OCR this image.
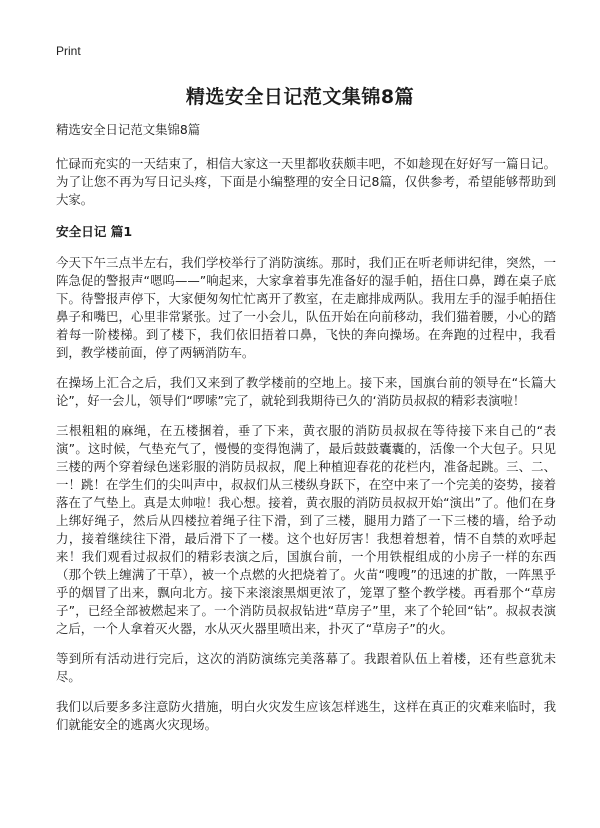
Print
精选安全日记范文集锦8篇

精选安全日记范文集锦8篇

忙碌而充实的一天结束了，相信大家这一天里都收获颇丰吧，不如趁现在好好写一篇日记。为了让您不再为写日记头疼，下面是小编整理的安全日记8篇，仅供参考，希望能够帮助到大家。

安全日记 篇1

今天下午三点半左右，我们学校举行了消防演练。那时，我们正在听老师讲纪律，突然，一阵急促的警报声“嗯呜——”响起来，大家拿着事先准备好的湿手帕，捂住口鼻，蹲在桌子底下。待警报声停下，大家便匆匆忙忙离开了教室，在走廊排成两队。我用左手的湿手帕捂住鼻子和嘴巴，心里非常紧张。过了一小会儿，队伍开始在向前移动，我们猫着腰，小心的踏着每一阶楼梯。到了楼下，我们依旧捂着口鼻，飞快的奔向操场。在奔跑的过程中，我看到，教学楼前面，停了两辆消防车。

在操场上汇合之后，我们又来到了教学楼前的空地上。接下来，国旗台前的领导在“长篇大论”，好一会儿，领导们“啰嗦”完了，就轮到我期待已久的‘消防员叔叔的精彩表演啦！

三根粗粗的麻绳，在五楼捆着，垂了下来，黄衣服的消防员叔叔在等待接下来自己的“表演”。这时候，气垫充气了，慢慢的变得饱满了，最后鼓鼓囊囊的，活像一个大包子。只见三楼的两个穿着绿色迷彩服的消防员叔叔，爬上种植迎春花的花栏内，准备起跳。三、二、一！跳！在学生们的尖叫声中，叔叔们从三楼纵身跃下，在空中来了一个完美的姿势，接着落在了气垫上。真是太帅啦！我心想。接着，黄衣服的消防员叔叔开始“演出”了。他们在身上绑好绳子，然后从四楼拉着绳子往下滑，到了三楼，腿用力踏了一下三楼的墙，给予动力，接着继续往下滑，最后滑下了一楼。这个也好厉害！我想着想着，情不自禁的欢呼起来！我们观看过叔叔们的精彩表演之后，国旗台前，一个用铁棍组成的小房子一样的东西（那个铁上缠满了干草），被一个点燃的火把烧着了。火苗“嗖嗖”的迅速的扩散，一阵黑乎乎的烟冒了出来，飘向北方。接下来滚滚黑烟更浓了，笼罩了整个教学楼。再看那个“草房子”，已经全部被燃起来了。一个消防员叔叔钻进“草房子”里，来了个轮回“钻”。叔叔表演之后，一个人拿着灭火器，水从灭火器里喷出来，扑灭了“草房子”的火。

等到所有活动进行完后，这次的消防演练完美落幕了。我跟着队伍上着楼，还有些意犹未尽。

我们以后要多多注意防火措施，明白火灾发生应该怎样逃生，这样在真正的灾难来临时，我们就能安全的逃离火灾现场。
